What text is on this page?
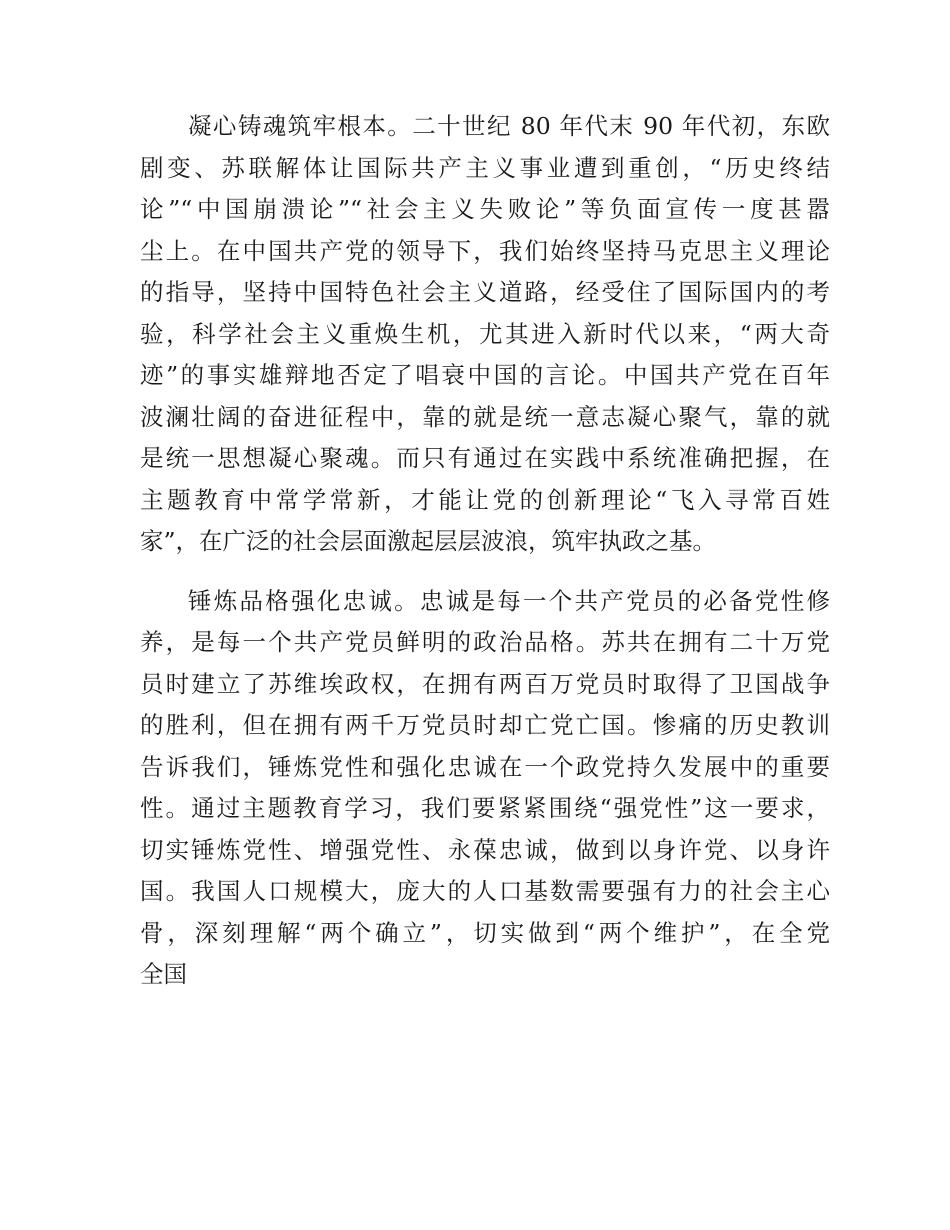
凝心铸魂筑牢根本。二十世纪 80 年代末 90 年代初，东欧
剧变、苏联解体让国际共产主义事业遭到重创，“历史终结
论”“中国崩溃论”“社会主义失败论”等负面宣传一度甚嚣
尘上。在中国共产党的领导下，我们始终坚持马克思主义理论
的指导，坚持中国特色社会主义道路，经受住了国际国内的考
验，科学社会主义重焕生机，尤其进入新时代以来，“两大奇
迹”的事实雄辩地否定了唱衰中国的言论。中国共产党在百年
波澜壮阔的奋进征程中，靠的就是统一意志凝心聚气，靠的就
是统一思想凝心聚魂。而只有通过在实践中系统准确把握，在
主题教育中常学常新，才能让党的创新理论“飞入寻常百姓
家”，在广泛的社会层面激起层层波浪，筑牢执政之基。
锤炼品格强化忠诚。忠诚是每一个共产党员的必备党性修
养，是每一个共产党员鲜明的政治品格。苏共在拥有二十万党
员时建立了苏维埃政权，在拥有两百万党员时取得了卫国战争
的胜利，但在拥有两千万党员时却亡党亡国。惨痛的历史教训
告诉我们，锤炼党性和强化忠诚在一个政党持久发展中的重要
性。通过主题教育学习，我们要紧紧围绕“强党性”这一要求，
切实锤炼党性、增强党性、永葆忠诚，做到以身许党、以身许
国。我国人口规模大，庞大的人口基数需要强有力的社会主心
骨，深刻理解“两个确立”，切实做到“两个维护”，在全党
全国
